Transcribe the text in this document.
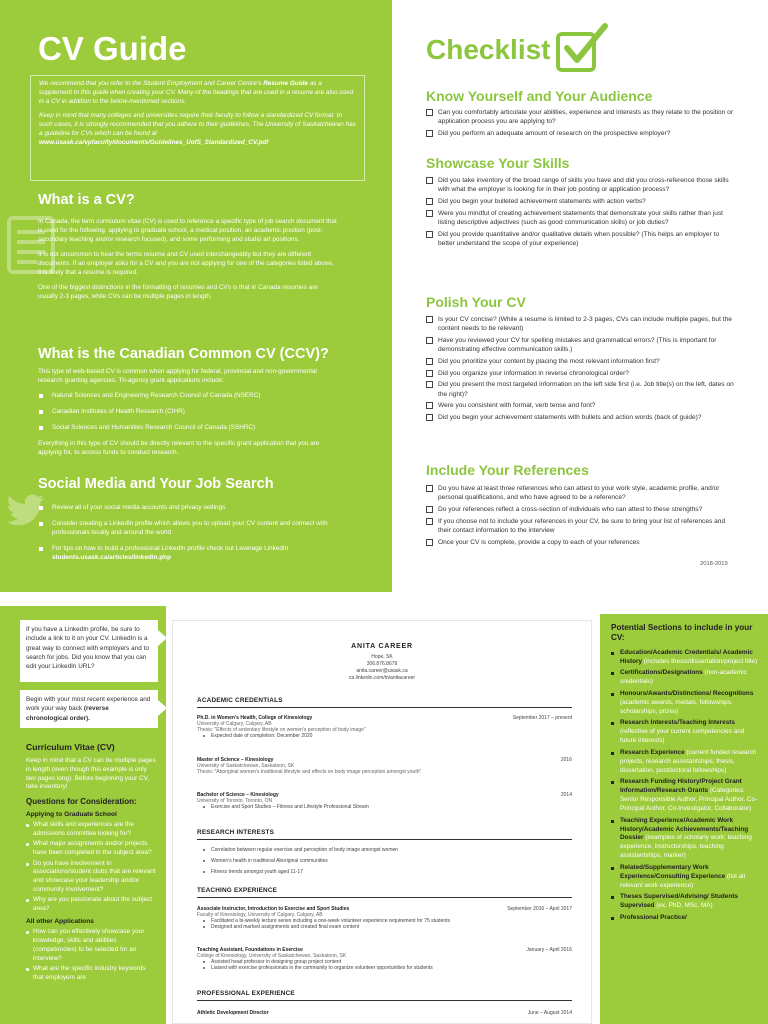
CV Guide

We recommend that you refer to the Student Employment and Career Centre's Resume Guide as a supplement to this guide when creating your CV. Many of the headings that are used in a resume are also used in a CV in addition to the below-mentioned sections.

Keep in mind that many colleges and universities require their faculty to follow a standardized CV format. In such cases, it is strongly recommended that you adhere to their guidelines. The University of Saskatchewan has a guideline for CVs which can be found at
www.usask.ca/vpfaculty/documents/Guidelines_UofS_Standardized_CV.pdf

What is a CV?

In Canada, the term curriculum vitae (CV) is used to reference a specific type of job search document that is used for the following: applying to graduate school, a medical position, an academic position (post-secondary teaching and/or research focused), and some performing and studio art positions.

It is not uncommon to hear the terms resume and CV used interchangeably but they are different documents. If an employer asks for a CV and you are not applying for one of the categories listed above, it is likely that a resume is required.

One of the biggest distinctions in the formatting of resumes and CVs is that in Canada resumes are usually 2-3 pages, while CVs can be multiple pages in length.

What is the Canadian Common CV (CCV)?

This type of web-based CV is common when applying for federal, provincial and non-governmental research granting agencies. Tri-agency grant applications include:

Natural Sciences and Engineering Research Council of Canada (NSERC)
Canadian Institutes of Health Research (CIHR)
Social Sciences and Humanities Research Council of Canada (SSHRC)

Everything in this type of CV should be directly relevant to the specific grant application that you are applying for, to access funds to conduct research.

Social Media and Your Job Search
Review all of your social media accounts and privacy settings
Consider creating a LinkedIn profile which allows you to upload your CV content and connect with professionals locally and around the world
For tips on how to build a professional LinkedIn profile check out Leverage LinkedIn
students.usask.ca/articles/linkedin.php
Checklist
Know Yourself and Your Audience
Can you comfortably articulate your abilities, experience and interests as they relate to the position or application process you are applying to?
Did you perform an adequate amount of research on the prospective employer?
Showcase Your Skills
Did you take inventory of the broad range of skills you have and did you cross-reference those skills with what the employer is looking for in their job posting or application process?
Did you begin your bulleted achievement statements with action verbs?
Were you mindful of creating achievement statements that demonstrate your skills rather than just listing descriptive adjectives (such as good communication skills) or job duties?
Did you provide quantitative and/or qualitative details when possible? (This helps an employer to better understand the scope of your experience)
Polish Your CV
Is your CV concise? (While a resume is limited to 2-3 pages, CVs can include multiple pages, but the content needs to be relevant)
Have you reviewed your CV for spelling mistakes and grammatical errors? (This is important for demonstrating effective communication skills.)
Did you prioritize your content by placing the most relevant information first?
Did you organize your information in reverse chronological order?
Did you present the most targeted information on the left side first (i.e. Job title(s) on the left, dates on the right)?
Were you consistent with format, verb tense and font?
Did you begin your achievement statements with bullets and action words (back of guide)?
Include Your References
Do you have at least three references who can attest to your work style, academic profile, and/or personal qualifications, and who have agreed to be a reference?
Do your references reflect a cross-section of individuals who can attest to these strengths?
If you choose not to include your references in your CV, be sure to bring your list of references and their contact information to the interview
Once your CV is complete, provide a copy to each of your references
2018-2019
If you have a LinkedIn profile, be sure to include a link to it on your CV. LinkedIn is a great way to connect with employers and to search for jobs. Did you know that you can edit your LinkedIn URL?
Begin with your most recent experience and work your way back (reverse chronological order).
Curriculum Vitae (CV)

Keep in mind that a CV can be multiple pages in length (even though this example is only two pages long). Before beginning your CV, take inventory!

Questions for Consideration:
Applying to Graduate School
What skills and experiences are the admissions committee looking for?
What major assignments and/or projects have been completed in the subject area?
Do you have involvement in associations/student clubs that are relevant and showcase your leadership and/or community involvement?
Why are you passionate about the subject area?
All other Applications
How can you effectively showcase your knowledge, skills and abilities (competencies) to be selected for an interview?
What are the specific industry keywords that employers are
ANITA CAREER
Hope, SK
306.876.8679
anita.career@usask.ca
ca.linkedin.com/in/anitacareer
ACADEMIC CREDENTIALS
Ph.D. in Women's Health, College of Kinesiology	September 2017 – present
University of Calgary, Calgary, AB
Thesis: "Effects of sedentary lifestyle on women's perception of body image"
Expected date of completion: December 2020
Master of Science – Kinesiology	2016
University of Saskatchewan, Saskatoon, SK
Thesis: "Aboriginal women's traditional lifestyle and effects on body image perception amongst youth"
Bachelor of Science – Kinesiology	2014
University of Toronto, Toronto, ON
Exercise and Sport Studies – Fitness and Lifestyle Professional Stream
RESEARCH INTERESTS
Correlation between regular exercise and perception of body image amongst women
Women's health in traditional Aboriginal communities
Fitness trends amongst youth aged 11-17
TEACHING EXPERIENCE
Associate Instructor, Introduction to Exercise and Sport Studies	September 2016 – April 2017
Faculty of Kinesiology, University of Calgary, Calgary, AB
Facilitated a bi-weekly lecture series including a one-week volunteer experience requirement for 75 students
Designed and marked assignments and created final exam content
Teaching Assistant, Foundations in Exercise	January – April 2016
College of Kinesiology, University of Saskatchewan, Saskatoon, SK
Assisted head professor in designing group project content
Liaised with exercise professionals in the community to organize volunteer opportunities for students
PROFESSIONAL EXPERIENCE
Athletic Development Director	June – August 2014
Potential Sections to include in your CV:
Education/Academic Credentials/ Academic History (includes thesis/dissertation/project title)
Certifications/Designations (non-academic credentials)
Honours/Awards/Distinctions/ Recognitions (academic awards, medals, fellowships, scholarships, prizes)
Research Interests/Teaching Interests (reflective of your current competencies and future interests)
Research Experience (current funded research projects, research assistantships, thesis, dissertation, postdoctoral fellowships)
Research Funding History/Project Grant Information/Research Grants (Categories: Senior Responsible Author, Principal Author, Co-Principal Author, Co-Investigator, Collaborator)
Teaching Experience/Academic Work History/Academic Achievements/Teaching Dossier (examples of scholarly work: teaching experience, instructorships, teaching assistantships, marker)
Related/Supplementary Work Experience/Consulting Experience (list all relevant work experience)
Theses Supervised/Advising/ Students Supervised (ex. PhD, MSc, MA)
Professional Practice/
